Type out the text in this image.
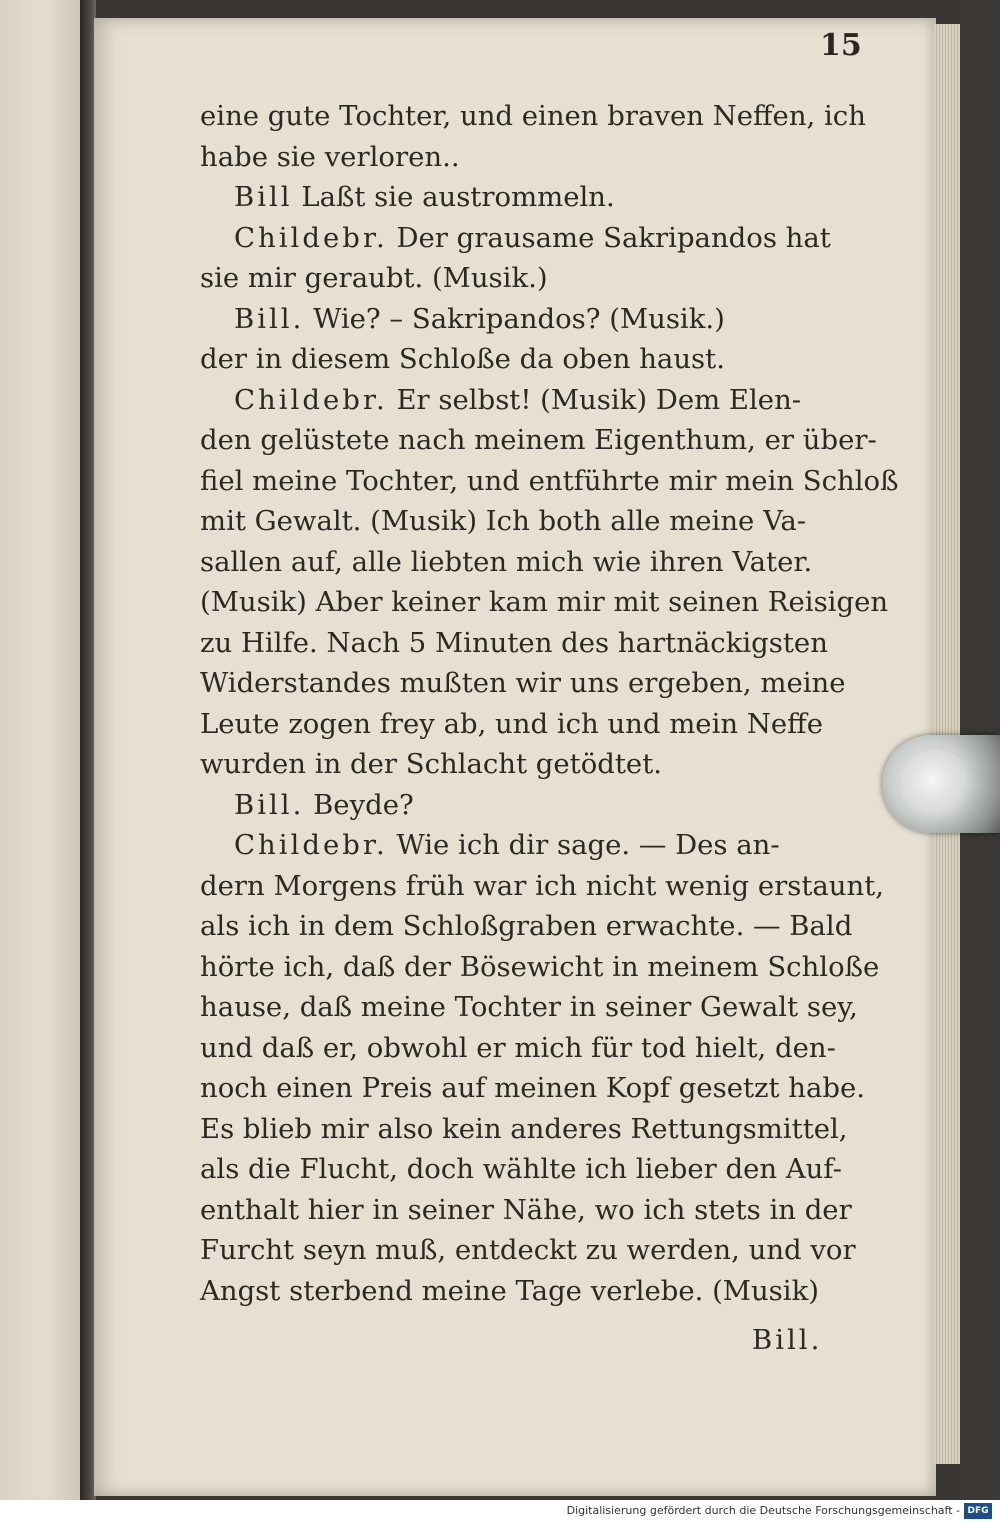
15
eine gute Tochter, und einen braven Neffen, ich
habe sie verloren..
Bill Laßt sie austrommeln.
Childebr. Der grausame Sakripandos hat
sie mir geraubt. (Musik.)
Bill. Wie? – Sakripandos? (Musik.)
der in diesem Schloße da oben haust.
Childebr. Er selbst! (Musik) Dem Elen-
den gelüstete nach meinem Eigenthum, er über-
fiel meine Tochter, und entführte mir mein Schloß
mit Gewalt. (Musik) Ich both alle meine Va-
sallen auf, alle liebten mich wie ihren Vater.
(Musik) Aber keiner kam mir mit seinen Reisigen
zu Hilfe. Nach 5 Minuten des hartnäckigsten
Widerstandes mußten wir uns ergeben, meine
Leute zogen frey ab, und ich und mein Neffe
wurden in der Schlacht getödtet.
Bill. Beyde?
Childebr. Wie ich dir sage. — Des an-
dern Morgens früh war ich nicht wenig erstaunt,
als ich in dem Schloßgraben erwachte. — Bald
hörte ich, daß der Bösewicht in meinem Schloße
hause, daß meine Tochter in seiner Gewalt sey,
und daß er, obwohl er mich für tod hielt, den-
noch einen Preis auf meinen Kopf gesetzt habe.
Es blieb mir also kein anderes Rettungsmittel,
als die Flucht, doch wählte ich lieber den Auf-
enthalt hier in seiner Nähe, wo ich stets in der
Furcht seyn muß, entdeckt zu werden, und vor
Angst sterbend meine Tage verlebe. (Musik)
Bill.
Digitalisierung gefördert durch die Deutsche Forschungsgemeinschaft - DFG
